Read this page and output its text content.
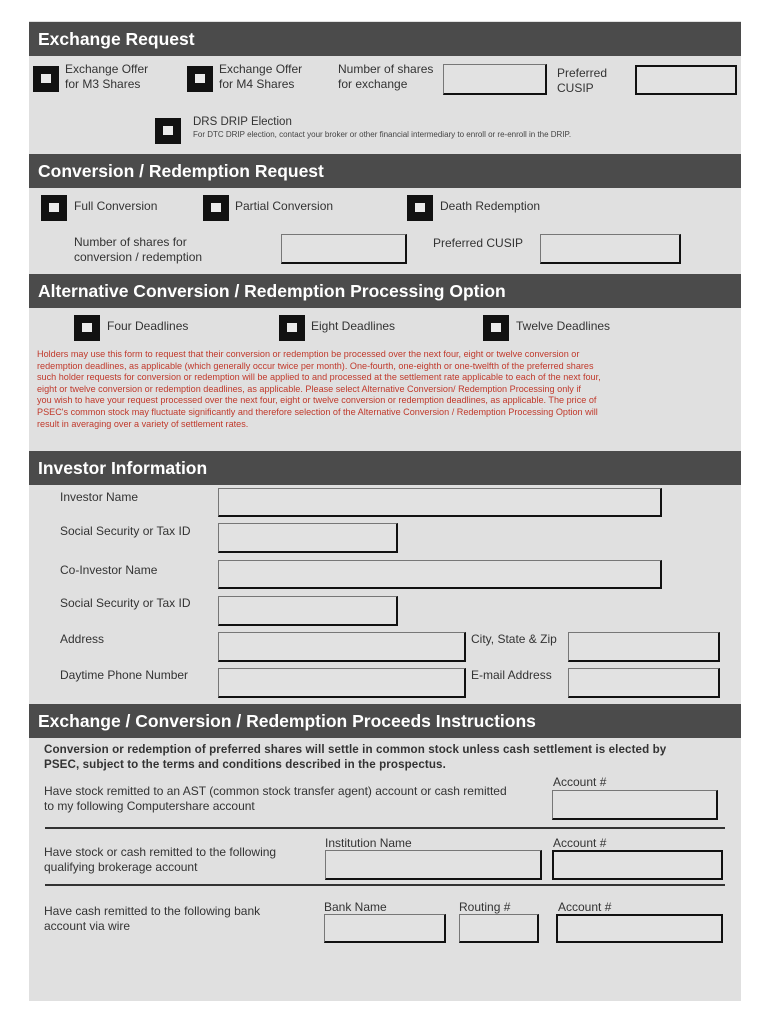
Exchange Request
Exchange Offer
for M3 Shares
Exchange Offer
for M4 Shares
Number of shares
for exchange
Preferred
CUSIP
DRS DRIP Election
For DTC DRIP election, contact your broker or other financial intermediary to enroll or re-enroll in the DRIP.
Conversion / Redemption Request
Full Conversion	Partial Conversion	Death Redemption
Number of shares for
conversion / redemption
Preferred CUSIP
Alternative Conversion / Redemption Processing Option
Four Deadlines	Eight Deadlines	Twelve Deadlines
Holders may use this form to request that their conversion or redemption be processed over the next four, eight or twelve conversion or
redemption deadlines, as applicable (which generally occur twice per month). One-fourth, one-eighth or one-twelfth of the preferred shares
such holder requests for conversion or redemption will be applied to and processed at the settlement rate applicable to each of the next four,
eight or twelve conversion or redemption deadlines, as applicable. Please select Alternative Conversion/ Redemption Processing only if
you wish to have your request processed over the next four, eight or twelve conversion or redemption deadlines, as applicable. The price of
PSEC's common stock may fluctuate significantly and therefore selection of the Alternative Conversion / Redemption Processing Option will
result in averaging over a variety of settlement rates.
Investor Information
Investor Name
Social Security or Tax ID
Co-Investor Name
Social Security or Tax ID
Address	City, State & Zip
Daytime Phone Number	E-mail Address
Exchange / Conversion / Redemption Proceeds Instructions
Conversion or redemption of preferred shares will settle in common stock unless cash settlement is elected by
PSEC, subject to the terms and conditions described in the prospectus.
Have stock remitted to an AST (common stock transfer agent) account or cash remitted
to my following Computershare account
Account #
Have stock or cash remitted to the following
qualifying brokerage account
Institution Name	Account #
Have cash remitted to the following bank
account via wire
Bank Name	Routing #	Account #
